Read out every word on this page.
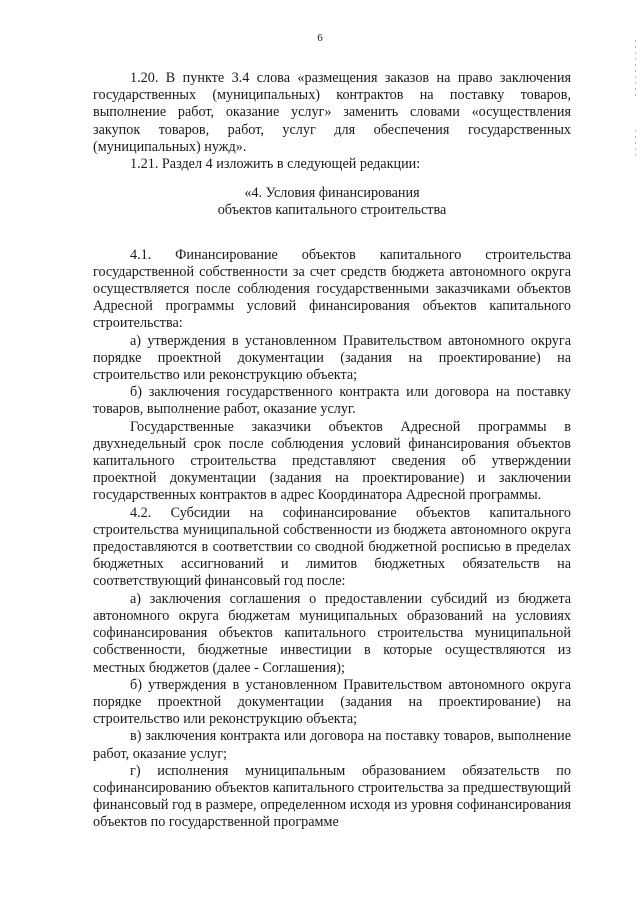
6

1.20. В пункте 3.4 слова «размещения заказов на право заключения государственных (муниципальных) контрактов на поставку товаров, выполнение работ, оказание услуг» заменить словами «осуществления закупок товаров, работ, услуг для обеспечения государственных (муниципальных) нужд».

1.21. Раздел 4 изложить в следующей редакции:

«4. Условия финансирования
объектов капитального строительства

4.1. Финансирование объектов капитального строительства государственной собственности за счет средств бюджета автономного округа осуществляется после соблюдения государственными заказчиками объектов Адресной программы условий финансирования объектов капитального строительства:

а) утверждения в установленном Правительством автономного округа порядке проектной документации (задания на проектирование) на строительство или реконструкцию объекта;

б) заключения государственного контракта или договора на поставку товаров, выполнение работ, оказание услуг.

Государственные заказчики объектов Адресной программы в двухнедельный срок после соблюдения условий финансирования объектов капитального строительства представляют сведения об утверждении проектной документации (задания на проектирование) и заключении государственных контрактов в адрес Координатора Адресной программы.

4.2. Субсидии на софинансирование объектов капитального строительства муниципальной собственности из бюджета автономного округа предоставляются в соответствии со сводной бюджетной росписью в пределах бюджетных ассигнований и лимитов бюджетных обязательств на соответствующий финансовый год после:

а) заключения соглашения о предоставлении субсидий из бюджета автономного округа бюджетам муниципальных образований на условиях софинансирования объектов капитального строительства муниципальной собственности, бюджетные инвестиции в которые осуществляются из местных бюджетов (далее - Соглашения);

б) утверждения в установленном Правительством автономного округа порядке проектной документации (задания на проектирование) на строительство или реконструкцию объекта;

в) заключения контракта или договора на поставку товаров, выполнение работ, оказание услуг;

г) исполнения муниципальным образованием обязательств по софинансированию объектов капитального строительства за предшествующий финансовый год в размере, определенном исходя из уровня софинансирования объектов по государственной программе
